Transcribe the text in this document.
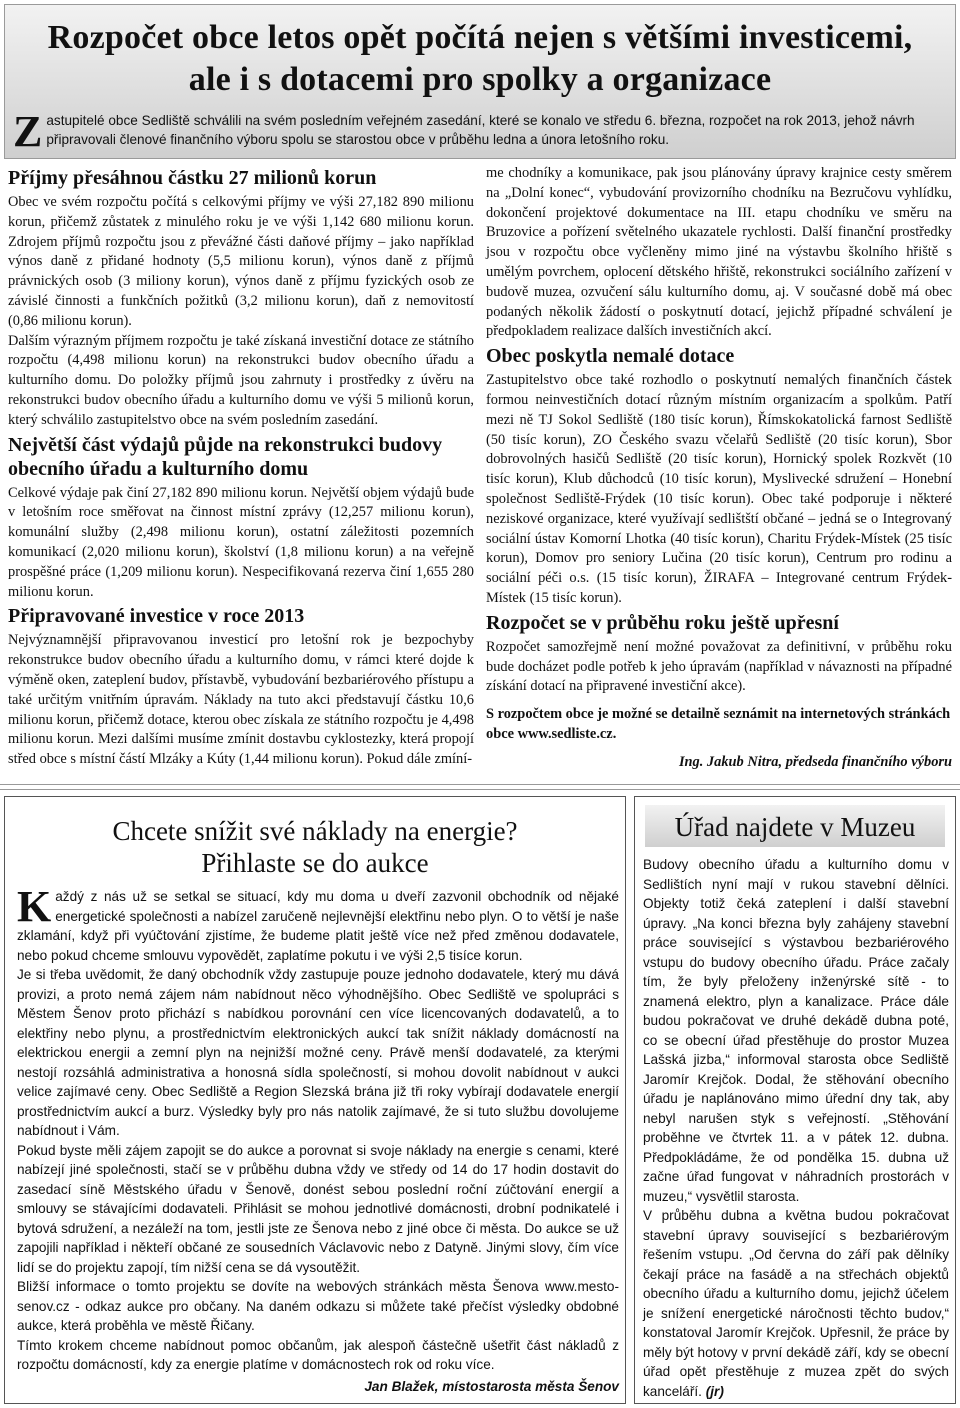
Rozpočet obce letos opět počítá nejen s většími investicemi,
ale i s dotacemi pro spolky a organizace
Zastupitelé obce Sedliště schválili na svém posledním veřejném zasedání, které se konalo ve středu 6. března, rozpočet na rok 2013, jehož návrh připravovali členové finančního výboru spolu se starostou obce v průběhu ledna a února letošního roku.
Příjmy přesáhnou částku 27 milionů korun

Obec ve svém rozpočtu počítá s celkovými příjmy ve výši 27,182 890 milionu korun, přičemž zůstatek z minulého roku je ve výši 1,142 680 milionu korun. Zdrojem příjmů rozpočtu jsou z převážné části daňové příjmy – jako například výnos daně z přidané hodnoty (5,5 milionu korun), výnos daně z příjmů právnických osob (3 miliony korun), výnos daně z příjmu fyzických osob ze závislé činnosti a funkčních požitků (3,2 milionu korun), daň z nemovitostí (0,86 milionu korun).

Dalším výrazným příjmem rozpočtu je také získaná investiční dotace ze státního rozpočtu (4,498 milionu korun) na rekonstrukci budov obecního úřadu a kulturního domu. Do položky příjmů jsou zahrnuty i prostředky z úvěru na rekonstrukci budov obecního úřadu a kulturního domu ve výši 5 milionů korun, který schválilo zastupitelstvo obce na svém posledním zasedání.

Největší část výdajů půjde na rekonstrukci budovy obecního úřadu a kulturního domu

Celkové výdaje pak činí 27,182 890 milionu korun. Největší objem výdajů bude v letošním roce směřovat na činnost místní zprávy (12,257 milionu korun), komunální služby (2,498 milionu korun), ostatní záležitosti pozemních komunikací (2,020 milionu korun), školství (1,8 milionu korun) a na veřejně prospěšné práce (1,209 milionu korun). Nespecifikovaná rezerva činí 1,655 280 milionu korun.

Připravované investice v roce 2013

Nejvýznamnější připravovanou investicí pro letošní rok je bezpochyby rekonstrukce budov obecního úřadu a kulturního domu, v rámci které dojde k výměně oken, zateplení budov, přístavbě, vybudování bezbariérového přístupu a také určitým vnitřním úpravám. Náklady na tuto akci představují částku 10,6 milionu korun, přičemž dotace, kterou obec získala ze státního rozpočtu je 4,498 milionu korun. Mezi dalšími musíme zmínit dostavbu cyklostezky, která propojí střed obce s místní částí Mlzáky a Kúty (1,44 milionu korun). Pokud dále zmíní-

me chodníky a komunikace, pak jsou plánovány úpravy krajnice cesty směrem na „Dolní konec“, vybudování provizorního chodníku na Bezručovu vyhlídku, dokončení projektové dokumentace na III. etapu chodníku ve směru na Bruzovice a pořízení světelného ukazatele rychlosti. Další finanční prostředky jsou v rozpočtu obce vyčleněny mimo jiné na výstavbu školního hřiště s umělým povrchem, oplocení dětského hřiště, rekonstrukci sociálního zařízení v budově muzea, ozvučení sálu kulturního domu, aj. V současné době má obec podaných několik žádostí o poskytnutí dotací, jejichž případné schválení je předpokladem realizace dalších investičních akcí.

Obec poskytla nemalé dotace

Zastupitelstvo obce také rozhodlo o poskytnutí nemalých finančních částek formou neinvestičních dotací různým místním organizacím a spolkům. Patří mezi ně TJ Sokol Sedliště (180 tisíc korun), Římskokatolická farnost Sedliště (50 tisíc korun), ZO Českého svazu včelařů Sedliště (20 tisíc korun), Sbor dobrovolných hasičů Sedliště (20 tisíc korun), Hornický spolek Rozkvět (10 tisíc korun), Klub důchodců (10 tisíc korun), Myslivecké sdružení – Honební společnost Sedliště-Frýdek (10 tisíc korun). Obec také podporuje i některé neziskové organizace, které využívají sedlištští občané – jedná se o Integrovaný sociální ústav Komorní Lhotka (40 tisíc korun), Charitu Frýdek-Místek (25 tisíc korun), Domov pro seniory Lučina (20 tisíc korun), Centrum pro rodinu a sociální péči o.s. (15 tisíc korun), ŽIRAFA – Integrované centrum Frýdek-Místek (15 tisíc korun).

Rozpočet se v průběhu roku ještě upřesní

Rozpočet samozřejmě není možné považovat za definitivní, v průběhu roku bude docházet podle potřeb k jeho úpravám (například v návaznosti na případné získání dotací na připravené investiční akce).

S rozpočtem obce je možné se detailně seznámit na internetových stránkách obce www.sedliste.cz.

Ing. Jakub Nitra, předseda finančního výboru

Chcete snížit své náklady na energie?
Přihlaste se do aukce

Každý z nás už se setkal se situací, kdy mu doma u dveří zazvonil obchodník od nějaké energetické společnosti a nabízel zaručeně nejlevnější elektřinu nebo plyn. O to větší je naše zklamání, když při vyúčtování zjistíme, že budeme platit ještě více než před změnou dodavatele, nebo pokud chceme smlouvu vypovědět, zaplatíme pokutu i ve výši 2,5 tisíce korun.

Je si třeba uvědomit, že daný obchodník vždy zastupuje pouze jednoho dodavatele, který mu dává provizi, a proto nemá zájem nám nabídnout něco výhodnějšího. Obec Sedliště ve spolupráci s Městem Šenov proto přichází s nabídkou porovnání cen více licencovaných dodavatelů, a to elektřiny nebo plynu, a prostřednictvím elektronických aukcí tak snížit náklady domácností na elektrickou energii a zemní plyn na nejnižší možné ceny. Právě menší dodavatelé, za kterými nestojí rozsáhlá administrativa a honosná sídla společností, si mohou dovolit nabídnout v aukci velice zajímavé ceny. Obec Sedliště a Region Slezská brána již tři roky vybírají dodavatele energií prostřednictvím aukcí a burz. Výsledky byly pro nás natolik zajímavé, že si tuto službu dovolujeme nabídnout i Vám.

Pokud byste měli zájem zapojit se do aukce a porovnat si svoje náklady na energie s cenami, které nabízejí jiné společnosti, stačí se v průběhu dubna vždy ve středy od 14 do 17 hodin dostavit do zasedací síně Městského úřadu v Šenově, donést sebou poslední roční zúčtování energií a smlouvy se stávajícími dodavateli. Přihlásit se mohou jednotlivé domácnosti, drobní podnikatelé i bytová sdružení, a nezáleží na tom, jestli jste ze Šenova nebo z jiné obce či města. Do aukce se už zapojili například i někteří občané ze sousedních Václavovic nebo z Datyně. Jinými slovy, čím více lidí se do projektu zapojí, tím nižší cena se dá vysoutěžit.

Bližší informace o tomto projektu se dovíte na webových stránkách města Šenova www.mesto-senov.cz - odkaz aukce pro občany. Na daném odkazu si můžete také přečíst výsledky obdobné aukce, která proběhla ve městě Řičany.

Tímto krokem chceme nabídnout pomoc občanům, jak alespoň částečně ušetřit část nákladů z rozpočtu domácností, kdy za energie platíme v domácnostech rok od roku více.

Jan Blažek, místostarosta města Šenov

Úřad najdete v Muzeu

Budovy obecního úřadu a kulturního domu v Sedlištích nyní mají v rukou stavební dělníci. Objekty totiž čeká zateplení i další stavební úpravy. „Na konci března byly zahájeny stavební práce související s výstavbou bezbariérového vstupu do budovy obecního úřadu. Práce začaly tím, že byly přeloženy inženýrské sítě - to znamená elektro, plyn a kanalizace. Práce dále budou pokračovat ve druhé dekádě dubna poté, co se obecní úřad přestěhuje do prostor Muzea Lašská jizba,“ informoval starosta obce Sedliště Jaromír Krejčok. Dodal, že stěhování obecního úřadu je naplánováno mimo úřední dny tak, aby nebyl narušen styk s veřejností. „Stěhování proběhne ve čtvrtek 11. a v pátek 12. dubna. Předpokládáme, že od pondělka 15. dubna už začne úřad fungovat v náhradních prostorách v muzeu,“ vysvětlil starosta.

V průběhu dubna a května budou pokračovat stavební úpravy související s bezbariérovým řešením vstupu. „Od června do září pak dělníky čekají práce na fasádě a na střechách objektů obecního úřadu a kulturního domu, jejichž účelem je snížení energetické náročnosti těchto budov,“ konstatoval Jaromír Krejčok. Upřesnil, že práce by měly být hotovy v první dekádě září, kdy se obecní úřad opět přestěhuje z muzea zpět do svých kanceláří. (jr)
